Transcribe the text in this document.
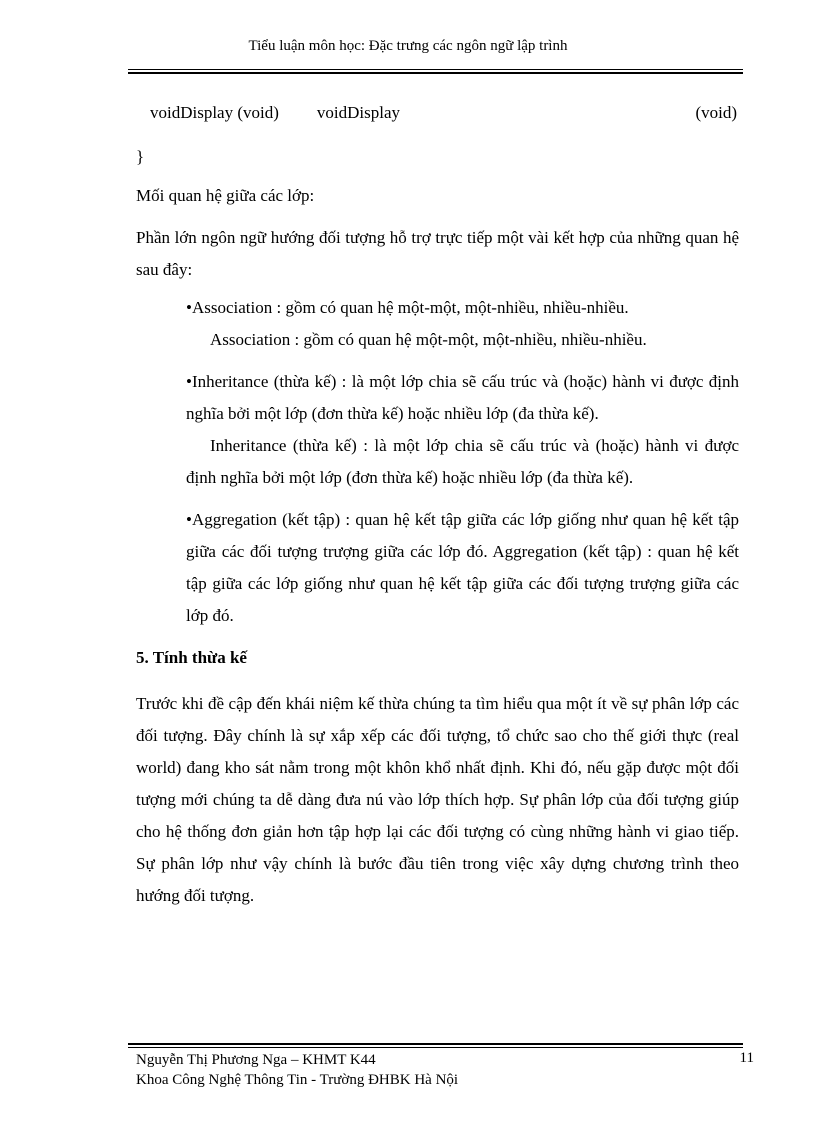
Tiểu luận môn học: Đặc trưng các ngôn ngữ lập trình
voidDisplay (void) voidDisplay	(void)
}

Mối quan hệ giữa các lớp:

Phần lớn ngôn ngữ hướng đối tượng hỗ trợ trực tiếp một vài kết hợp của những quan hệ sau đây:

•Association : gồm có quan hệ một-một, một-nhiều, nhiều-nhiều.

Association : gồm có quan hệ một-một, một-nhiều, nhiều-nhiều.

•Inheritance (thừa kế) : là một lớp chia sẽ cấu trúc và (hoặc) hành vi được định nghĩa bởi một lớp (đơn thừa kế) hoặc nhiều lớp (đa thừa kế).

Inheritance (thừa kế) : là một lớp chia sẽ cấu trúc và (hoặc) hành vi được định nghĩa bởi một lớp (đơn thừa kế) hoặc nhiều lớp (đa thừa kế).

•Aggregation (kết tập) : quan hệ kết tập giữa các lớp giống như quan hệ kết tập giữa các đối tượng trượng giữa các lớp đó. Aggregation (kết tập) : quan hệ kết tập giữa các lớp giống như quan hệ kết tập giữa các đối tượng trượng giữa các lớp đó.

5. Tính thừa kế

Trước khi đề cập đến khái niệm kế thừa chúng ta tìm hiểu qua một ít về sự phân lớp các đối tượng. Đây chính là sự xắp xếp các đối tượng, tổ chức sao cho thế giới thực (real world) đang kho sát nằm trong một khôn khổ nhất định. Khi đó, nếu gặp được một đối tượng mới chúng ta dễ dàng đưa nú vào lớp thích hợp. Sự phân lớp của đối tượng giúp cho hệ thống đơn giản hơn tập hợp lại các đối tượng có cùng những hành vi giao tiếp. Sự phân lớp như vậy chính là bước đầu tiên trong việc xây dựng chương trình theo hướng đối tượng.

Nguyễn Thị Phương Nga – KHMT K44
Khoa Công Nghệ Thông Tin - Trường ĐHBK Hà Nội
11
